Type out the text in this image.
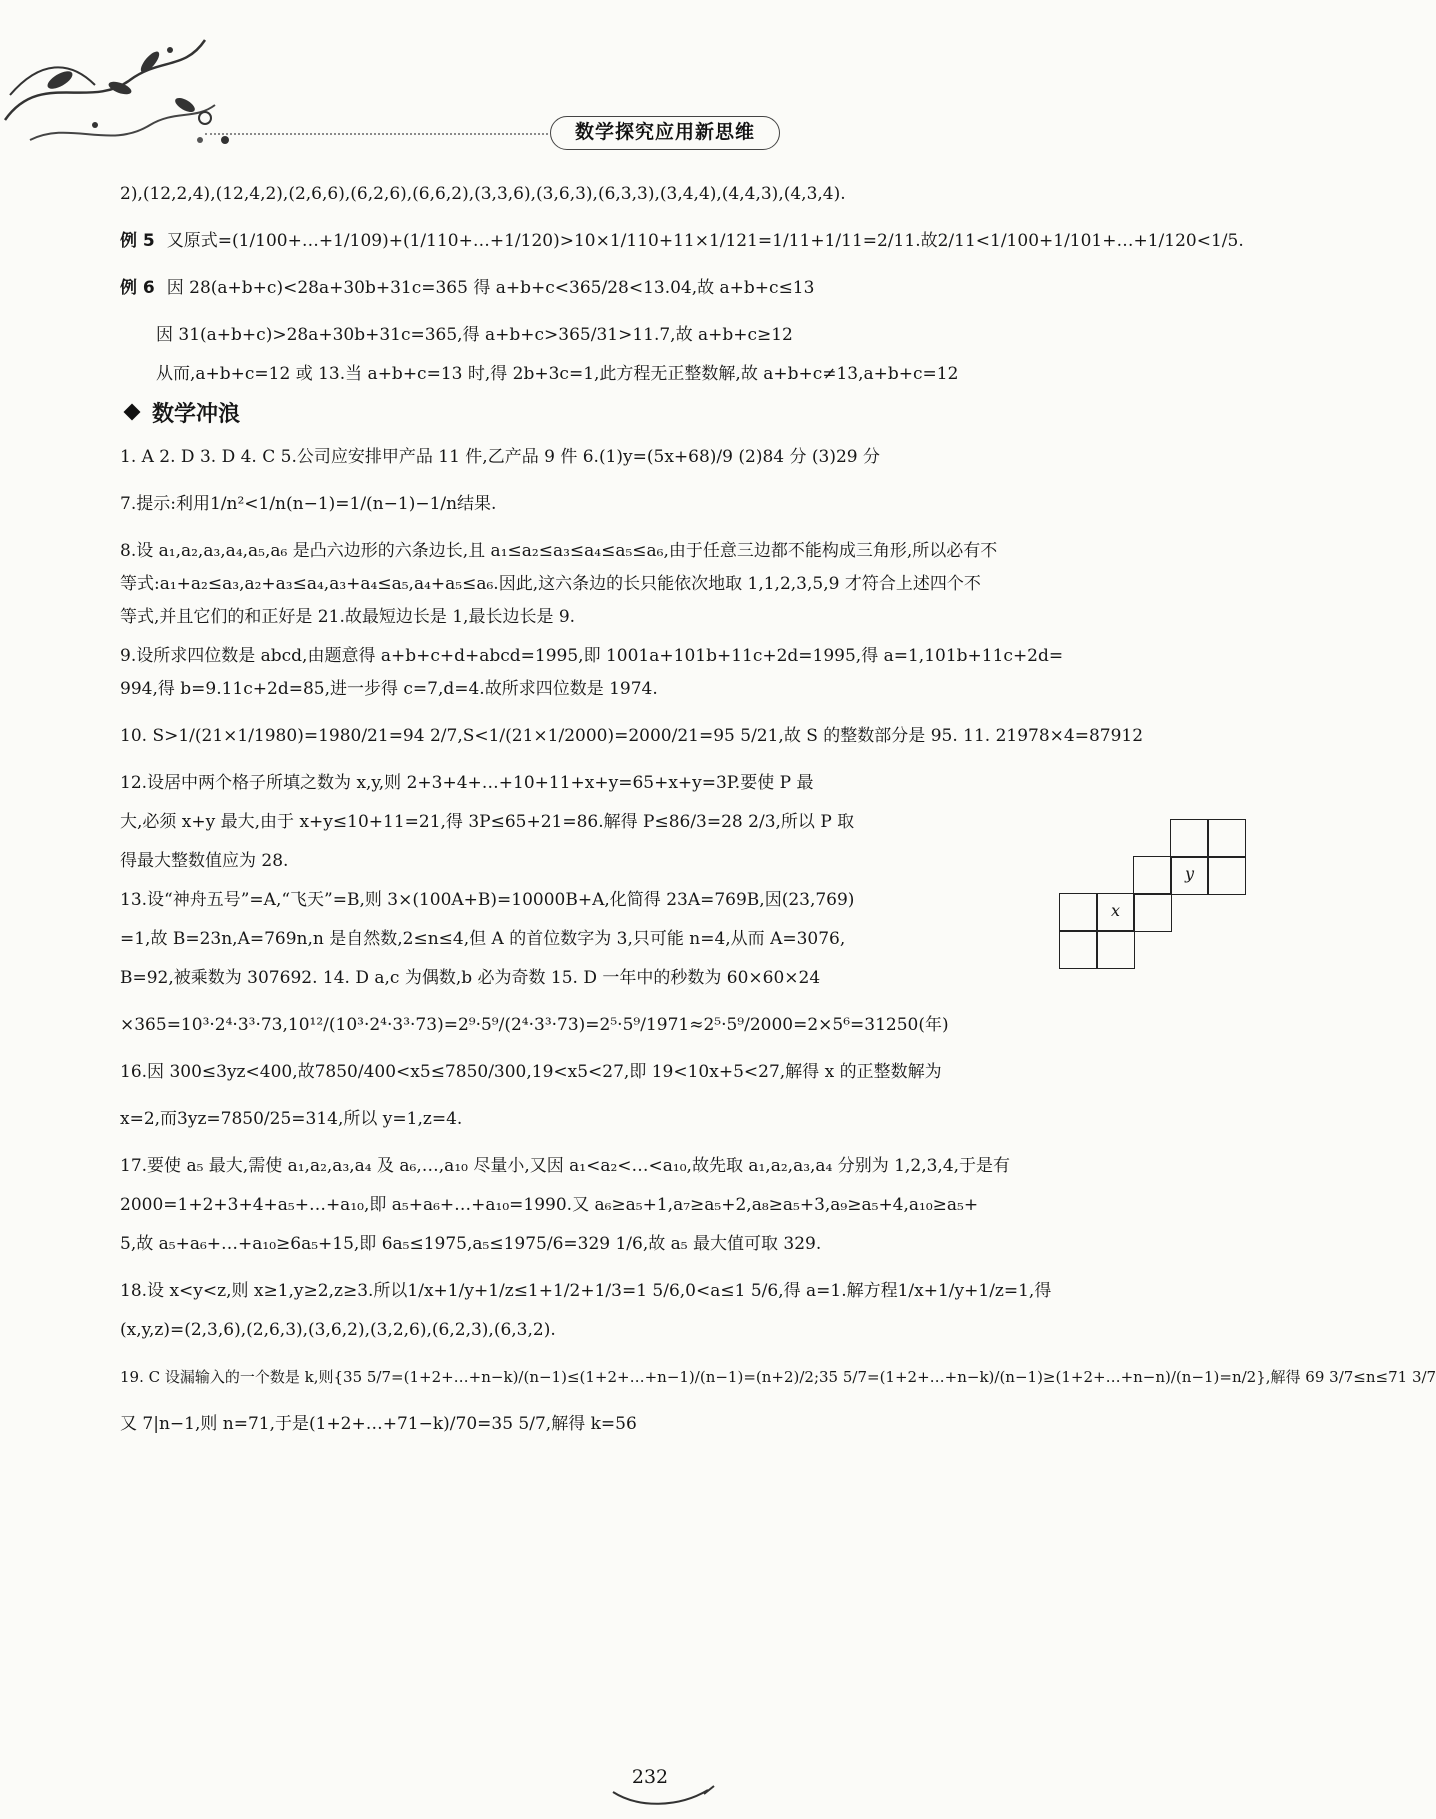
数学探究应用新思维
2),(12,2,4),(12,4,2),(2,6,6),(6,2,6),(6,6,2),(3,3,6),(3,6,3),(6,3,3),(3,4,4),(4,4,3),(4,3,4).
例 5 又原式=(1/100+…+1/109)+(1/110+…+1/120)>10×1/110+11×1/121=1/11+1/11=2/11.故2/11<1/100+1/101+…+1/120<1/5.
例 6 因 28(a+b+c)<28a+30b+31c=365 得 a+b+c<365/28<13.04,故 a+b+c≤13
因 31(a+b+c)>28a+30b+31c=365,得 a+b+c>365/31>11.7,故 a+b+c≥12
从而,a+b+c=12 或 13.当 a+b+c=13 时,得 2b+3c=1,此方程无正整数解,故 a+b+c≠13,a+b+c=12
数学冲浪
1. A 2. D 3. D 4. C 5.公司应安排甲产品 11 件,乙产品 9 件 6.(1)y=(5x+68)/9 (2)84 分 (3)29 分
7.提示:利用1/n²<1/n(n−1)=1/(n−1)−1/n结果.
8.设 a₁,a₂,a₃,a₄,a₅,a₆ 是凸六边形的六条边长,且 a₁≤a₂≤a₃≤a₄≤a₅≤a₆,由于任意三边都不能构成三角形,所以必有不
等式:a₁+a₂≤a₃,a₂+a₃≤a₄,a₃+a₄≤a₅,a₄+a₅≤a₆.因此,这六条边的长只能依次地取 1,1,2,3,5,9 才符合上述四个不
等式,并且它们的和正好是 21.故最短边长是 1,最长边长是 9.
9.设所求四位数是 abcd,由题意得 a+b+c+d+abcd=1995,即 1001a+101b+11c+2d=1995,得 a=1,101b+11c+2d=
994,得 b=9.11c+2d=85,进一步得 c=7,d=4.故所求四位数是 1974.
10. S>1/(21×1/1980)=1980/21=94 2/7,S<1/(21×1/2000)=2000/21=95 5/21,故 S 的整数部分是 95. 11. 21978×4=87912
12.设居中两个格子所填之数为 x,y,则 2+3+4+…+10+11+x+y=65+x+y=3P.要使 P 最
大,必须 x+y 最大,由于 x+y≤10+11=21,得 3P≤65+21=86.解得 P≤86/3=28 2/3,所以 P 取
得最大整数值应为 28.
13.设“神舟五号”=A,“飞天”=B,则 3×(100A+B)=10000B+A,化简得 23A=769B,因(23,769)
=1,故 B=23n,A=769n,n 是自然数,2≤n≤4,但 A 的首位数字为 3,只可能 n=4,从而 A=3076,
B=92,被乘数为 307692. 14. D a,c 为偶数,b 必为奇数 15. D 一年中的秒数为 60×60×24
×365=10³·2⁴·3³·73,10¹²/(10³·2⁴·3³·73)=2⁹·5⁹/(2⁴·3³·73)=2⁵·5⁹/1971≈2⁵·5⁹/2000=2×5⁶=31250(年)
16.因 300≤3yz<400,故7850/400<x5≤7850/300,19<x5<27,即 19<10x+5<27,解得 x 的正整数解为
x=2,而3yz=7850/25=314,所以 y=1,z=4.
17.要使 a₅ 最大,需使 a₁,a₂,a₃,a₄ 及 a₆,…,a₁₀ 尽量小,又因 a₁<a₂<…<a₁₀,故先取 a₁,a₂,a₃,a₄ 分别为 1,2,3,4,于是有
2000=1+2+3+4+a₅+…+a₁₀,即 a₅+a₆+…+a₁₀=1990.又 a₆≥a₅+1,a₇≥a₅+2,a₈≥a₅+3,a₉≥a₅+4,a₁₀≥a₅+
5,故 a₅+a₆+…+a₁₀≥6a₅+15,即 6a₅≤1975,a₅≤1975/6=329 1/6,故 a₅ 最大值可取 329.
18.设 x<y<z,则 x≥1,y≥2,z≥3.所以1/x+1/y+1/z≤1+1/2+1/3=1 5/6,0<a≤1 5/6,得 a=1.解方程1/x+1/y+1/z=1,得
(x,y,z)=(2,3,6),(2,6,3),(3,6,2),(3,2,6),(6,2,3),(6,3,2).
19. C 设漏输入的一个数是 k,则{35 5/7=(1+2+…+n−k)/(n−1)≤(1+2+…+n−1)/(n−1)=(n+2)/2;35 5/7=(1+2+…+n−k)/(n−1)≥(1+2+…+n−n)/(n−1)=n/2},解得 69 3/7≤n≤71 3/7
又 7|n−1,则 n=71,于是(1+2+…+71−k)/70=35 5/7,解得 k=56
y
x
232
